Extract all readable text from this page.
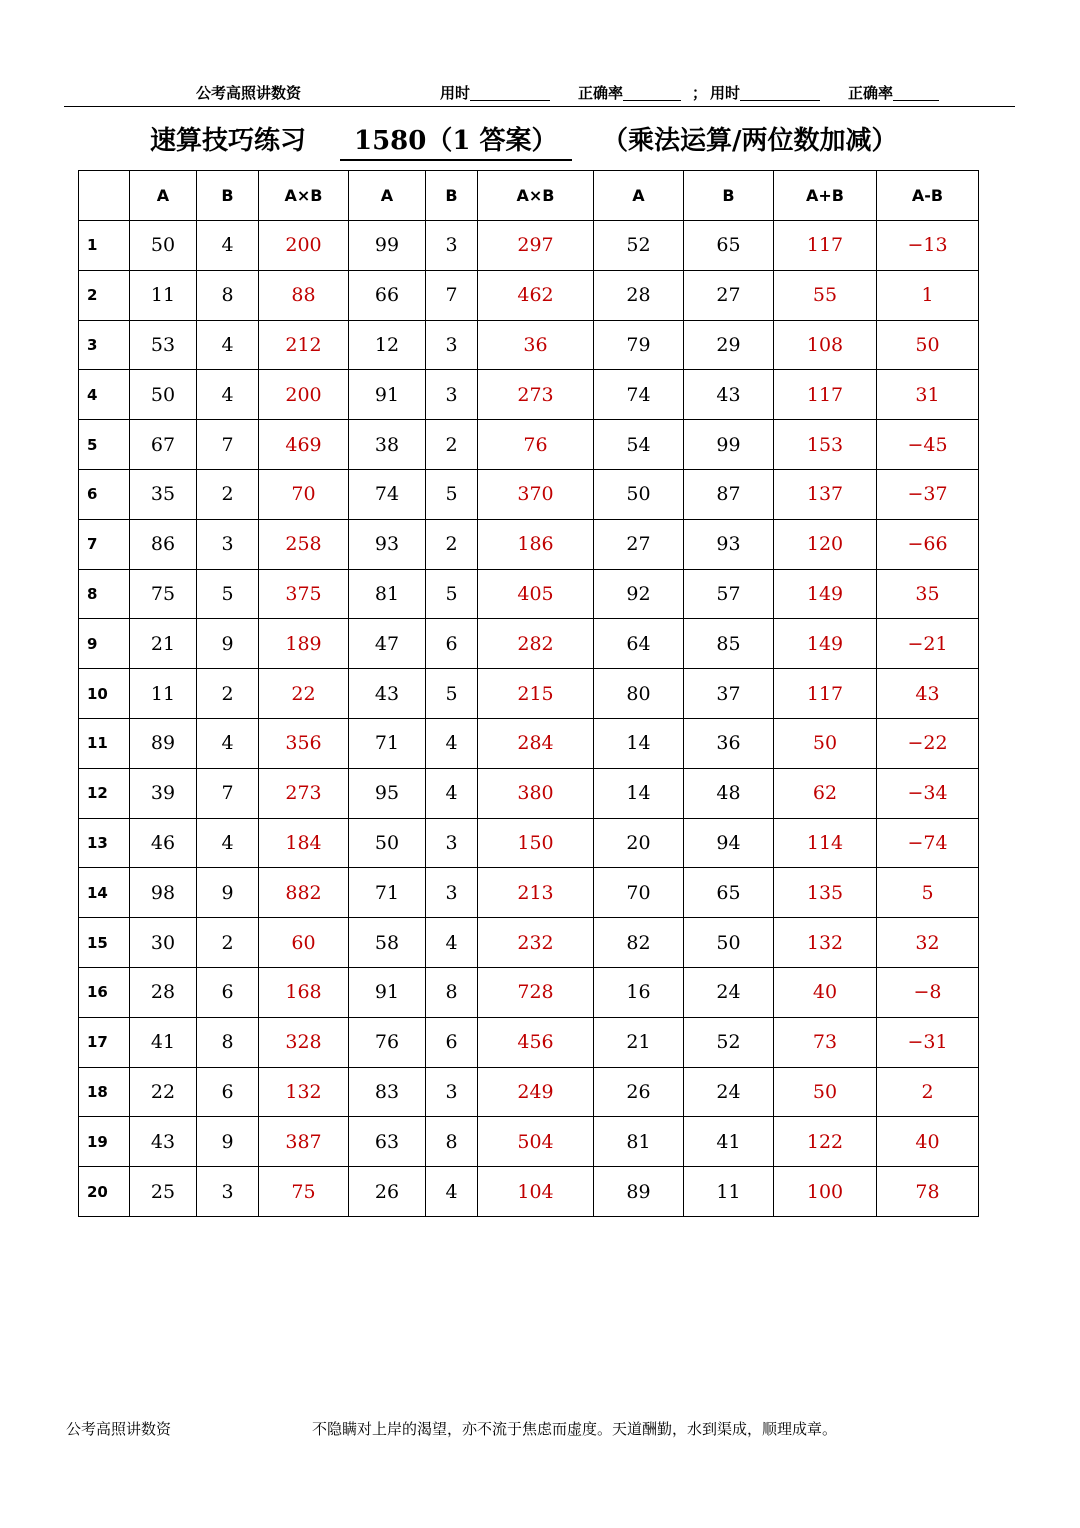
公考高照讲数资	用时	正确率	； 用时	正确率
速算技巧练习	1580（1 答案）	（乘法运算/两位数加减）
	A	B	A×B	A	B	A×B	A	B	A+B	A-B
1	50	4	200	99	3	297	52	65	117	−13
2	11	8	88	66	7	462	28	27	55	1
3	53	4	212	12	3	36	79	29	108	50
4	50	4	200	91	3	273	74	43	117	31
5	67	7	469	38	2	76	54	99	153	−45
6	35	2	70	74	5	370	50	87	137	−37
7	86	3	258	93	2	186	27	93	120	−66
8	75	5	375	81	5	405	92	57	149	35
9	21	9	189	47	6	282	64	85	149	−21
10	11	2	22	43	5	215	80	37	117	43
11	89	4	356	71	4	284	14	36	50	−22
12	39	7	273	95	4	380	14	48	62	−34
13	46	4	184	50	3	150	20	94	114	−74
14	98	9	882	71	3	213	70	65	135	5
15	30	2	60	58	4	232	82	50	132	32
16	28	6	168	91	8	728	16	24	40	−8
17	41	8	328	76	6	456	21	52	73	−31
18	22	6	132	83	3	249	26	24	50	2
19	43	9	387	63	8	504	81	41	122	40
20	25	3	75	26	4	104	89	11	100	78
公考高照讲数资	不隐瞒对上岸的渴望，亦不流于焦虑而虚度。天道酬勤，水到渠成，顺理成章。
